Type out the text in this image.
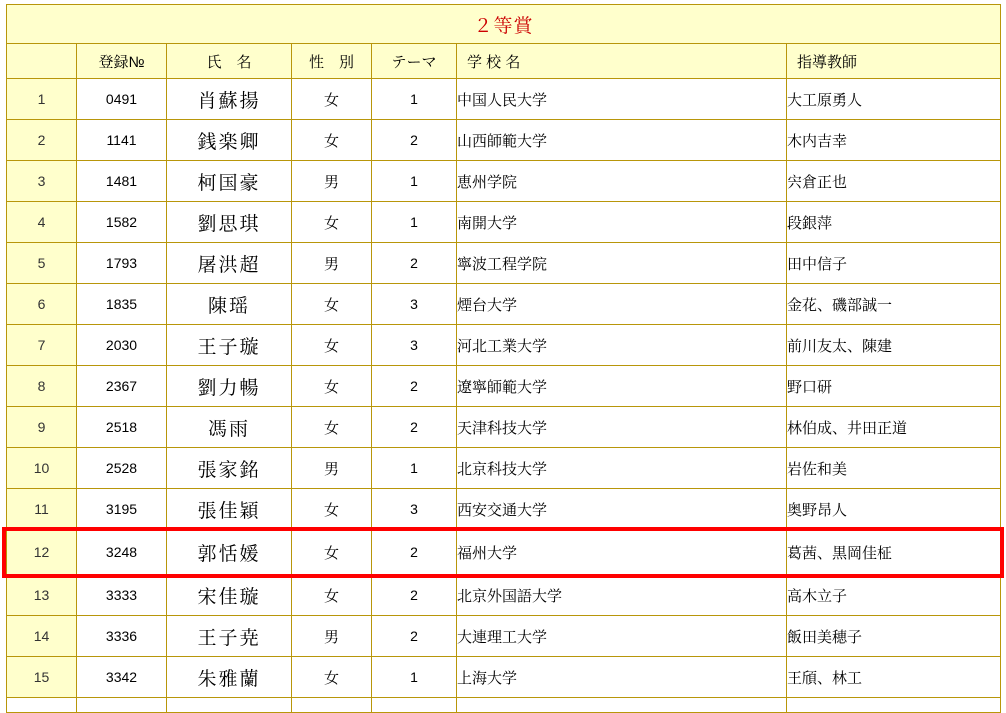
２等賞						
	登録№	氏　名	性　別	テーマ	学 校 名	指導教師
1	0491	肖蘇揚	女	1	中国人民大学	大工原勇人
2	1141	銭楽卿	女	2	山西師範大学	木内吉幸
3	1481	柯国豪	男	1	恵州学院	宍倉正也
4	1582	劉思琪	女	1	南開大学	段銀萍
5	1793	屠洪超	男	2	寧波工程学院	田中信子
6	1835	陳瑶	女	3	煙台大学	金花、磯部誠一
7	2030	王子璇	女	3	河北工業大学	前川友太、陳建
8	2367	劉力暢	女	2	遼寧師範大学	野口研
9	2518	馮雨	女	2	天津科技大学	林伯成、井田正道
10	2528	張家銘	男	1	北京科技大学	岩佐和美
11	3195	張佳穎	女	3	西安交通大学	奥野昂人
12	3248	郭恬媛	女	2	福州大学	葛茜、黒岡佳柾
13	3333	宋佳璇	女	2	北京外国語大学	高木立子
14	3336	王子尭	男	2	大連理工大学	飯田美穂子
15	3342	朱雅蘭	女	1	上海大学	王頎、林工
